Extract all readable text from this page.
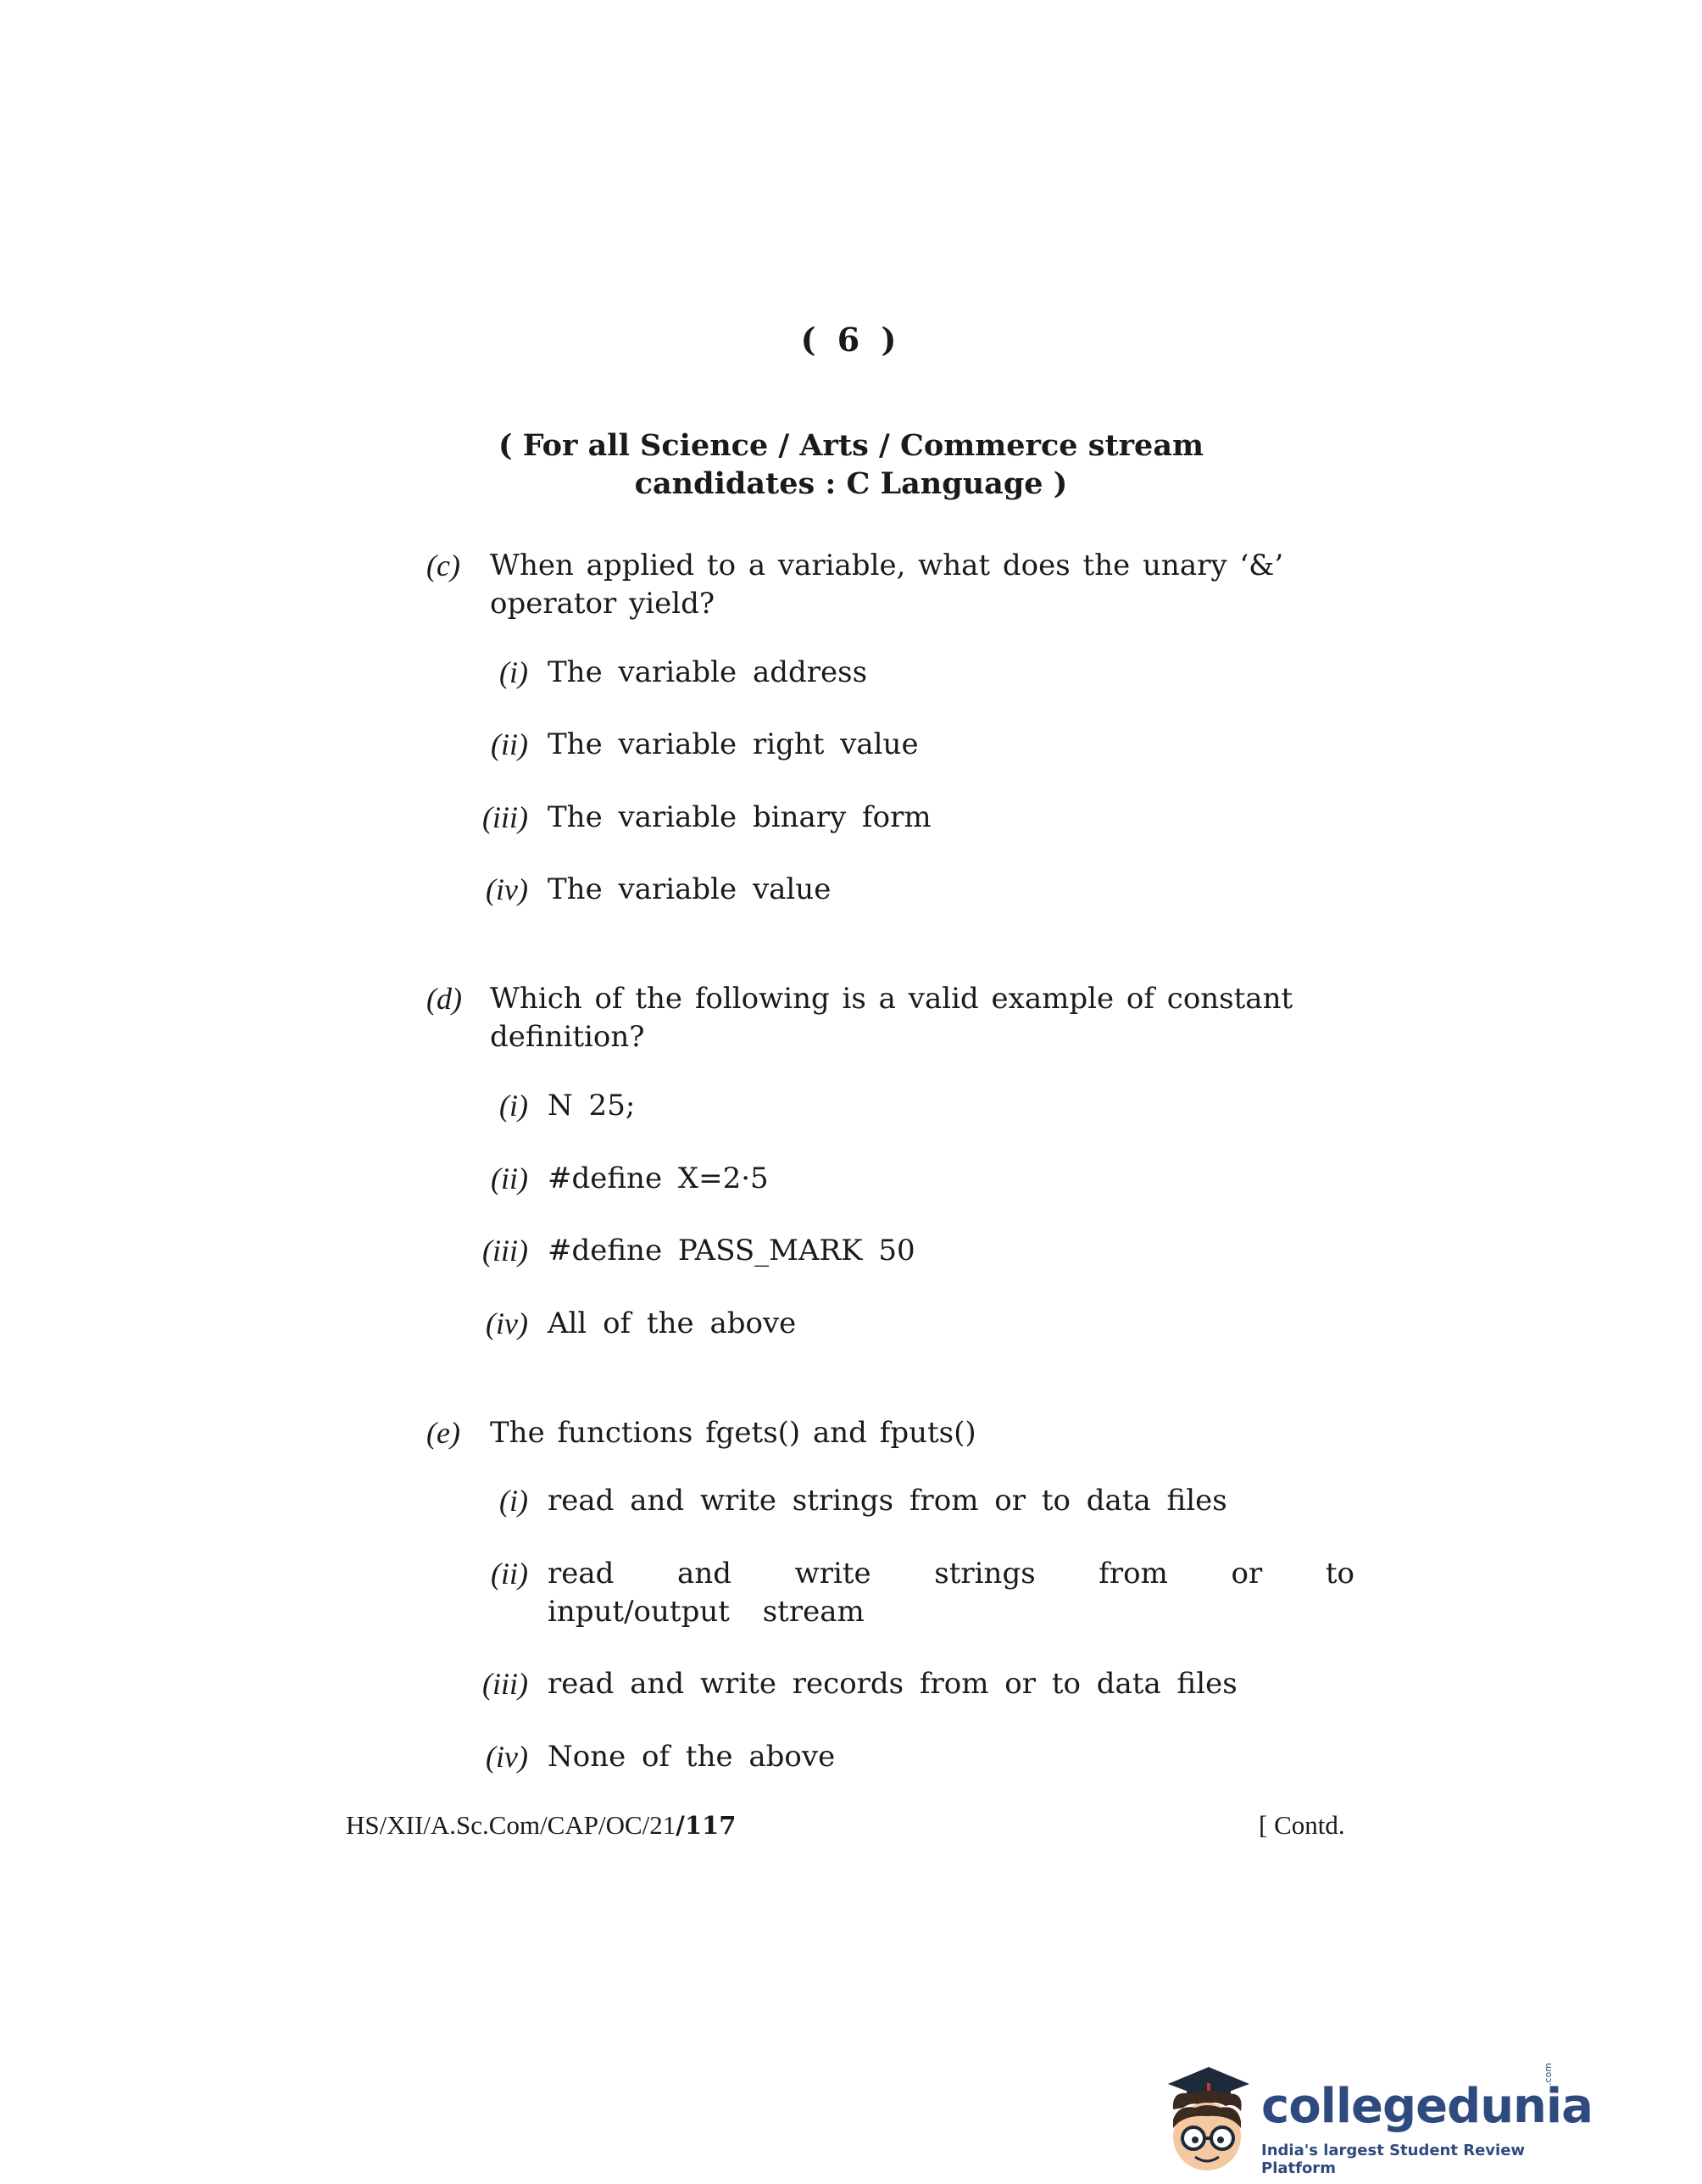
( 6 )
( For all Science / Arts / Commerce stream
candidates : C Language )
(c) When applied to a variable, what does the unary ‘&’ operator yield?
(i) The variable address
(ii) The variable right value
(iii) The variable binary form
(iv) The variable value
(d) Which of the following is a valid example of constant definition?
(i) N 25;
(ii) #define X=2·5
(iii) #define PASS_MARK 50
(iv) All of the above
(e) The functions fgets() and fputs()
(i) read and write strings from or to data files
(ii) read and write strings from or to input/output stream
(iii) read and write records from or to data files
(iv) None of the above
HS/XII/A.Sc.Com/CAP/OC/21/117	[ Contd.
collegedunia
.com
India's largest Student Review Platform
